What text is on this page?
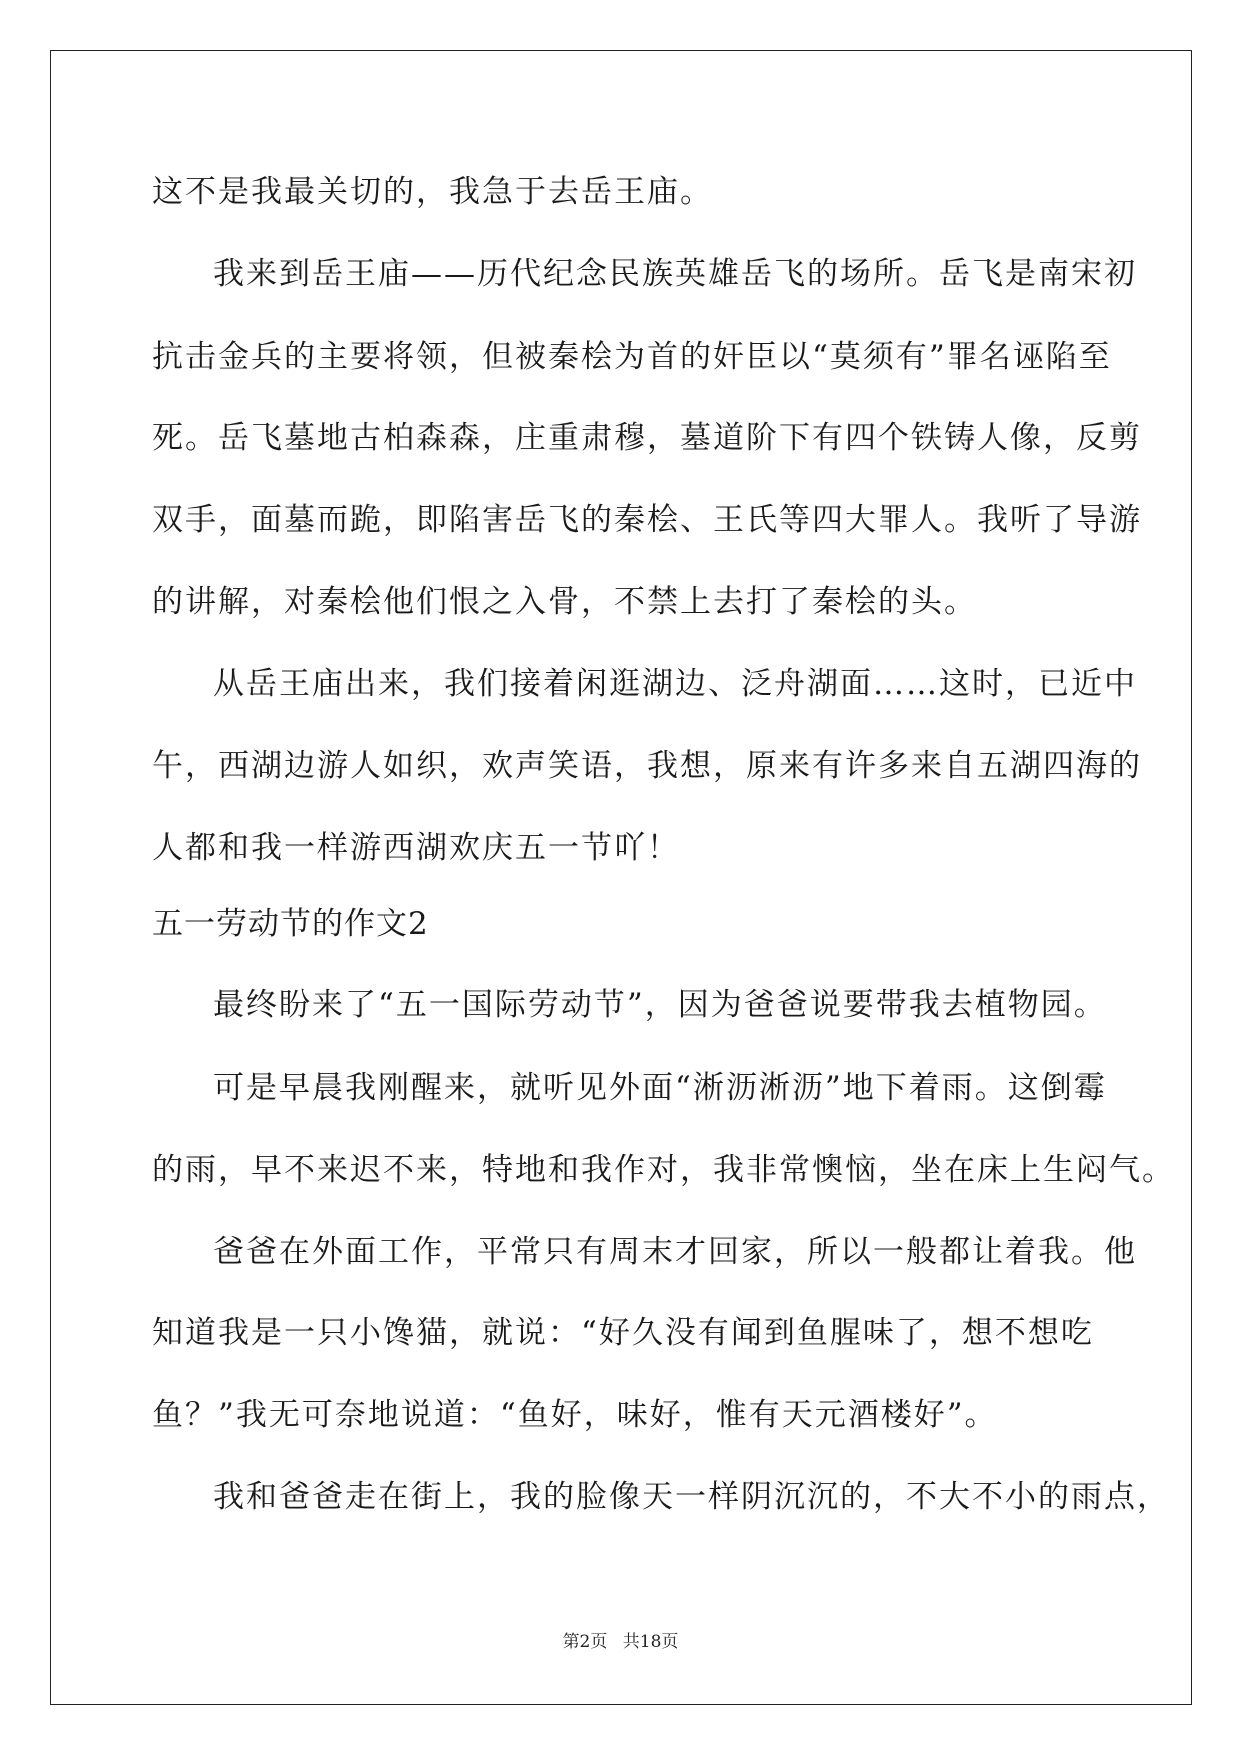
这不是我最关切的，我急于去岳王庙。
我来到岳王庙——历代纪念民族英雄岳飞的场所。岳飞是南宋初
抗击金兵的主要将领，但被秦桧为首的奸臣以“莫须有”罪名诬陷至
死。岳飞墓地古柏森森，庄重肃穆，墓道阶下有四个铁铸人像，反剪
双手，面墓而跪，即陷害岳飞的秦桧、王氏等四大罪人。我听了导游
的讲解，对秦桧他们恨之入骨，不禁上去打了秦桧的头。
从岳王庙出来，我们接着闲逛湖边、泛舟湖面……这时，已近中
午，西湖边游人如织，欢声笑语，我想，原来有许多来自五湖四海的
人都和我一样游西湖欢庆五一节吖！
五一劳动节的作文2
最终盼来了“五一国际劳动节”，因为爸爸说要带我去植物园。
可是早晨我刚醒来，就听见外面“淅沥淅沥”地下着雨。这倒霉
的雨，早不来迟不来，特地和我作对，我非常懊恼，坐在床上生闷气。
爸爸在外面工作，平常只有周末才回家，所以一般都让着我。他
知道我是一只小馋猫，就说：“好久没有闻到鱼腥味了，想不想吃
鱼？”我无可奈地说道：“鱼好，味好，惟有天元酒楼好”。
我和爸爸走在街上，我的脸像天一样阴沉沉的，不大不小的雨点，
第2页 共18页
